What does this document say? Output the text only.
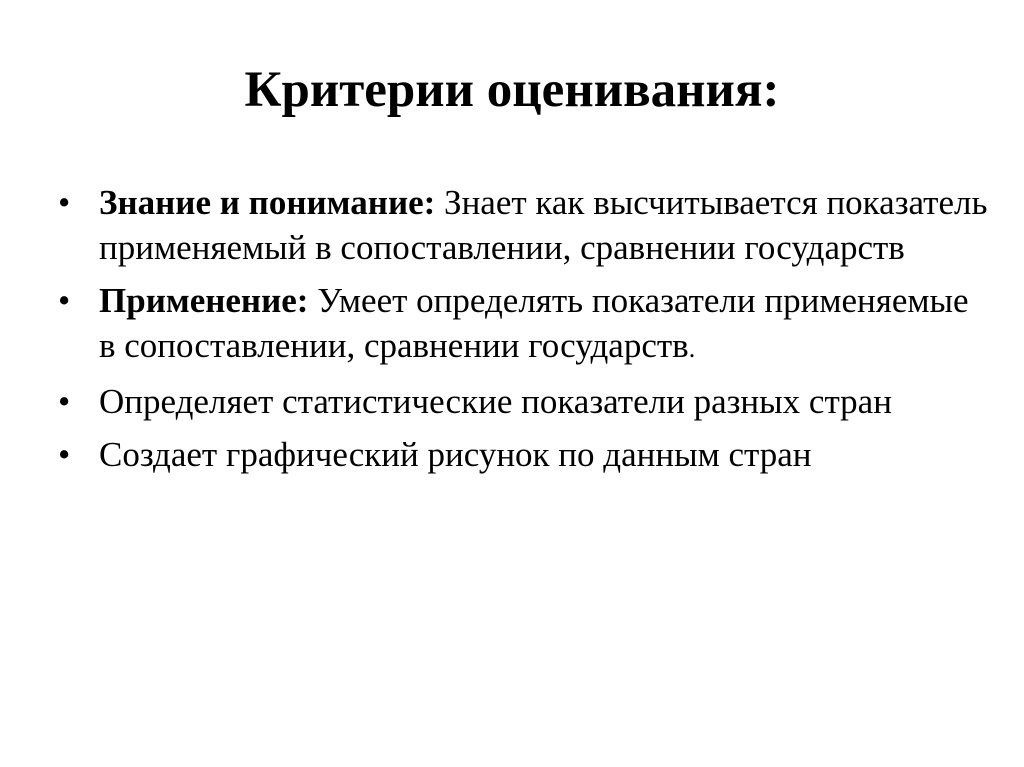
Критерии оценивания:
• Знание и понимание: Знает как высчитывается показатель применяемый в сопоставлении, сравнении государств
• Применение: Умеет определять показатели применяемые в сопоставлении, сравнении государств.
• Определяет статистические показатели разных стран
• Создает графический рисунок по данным стран
